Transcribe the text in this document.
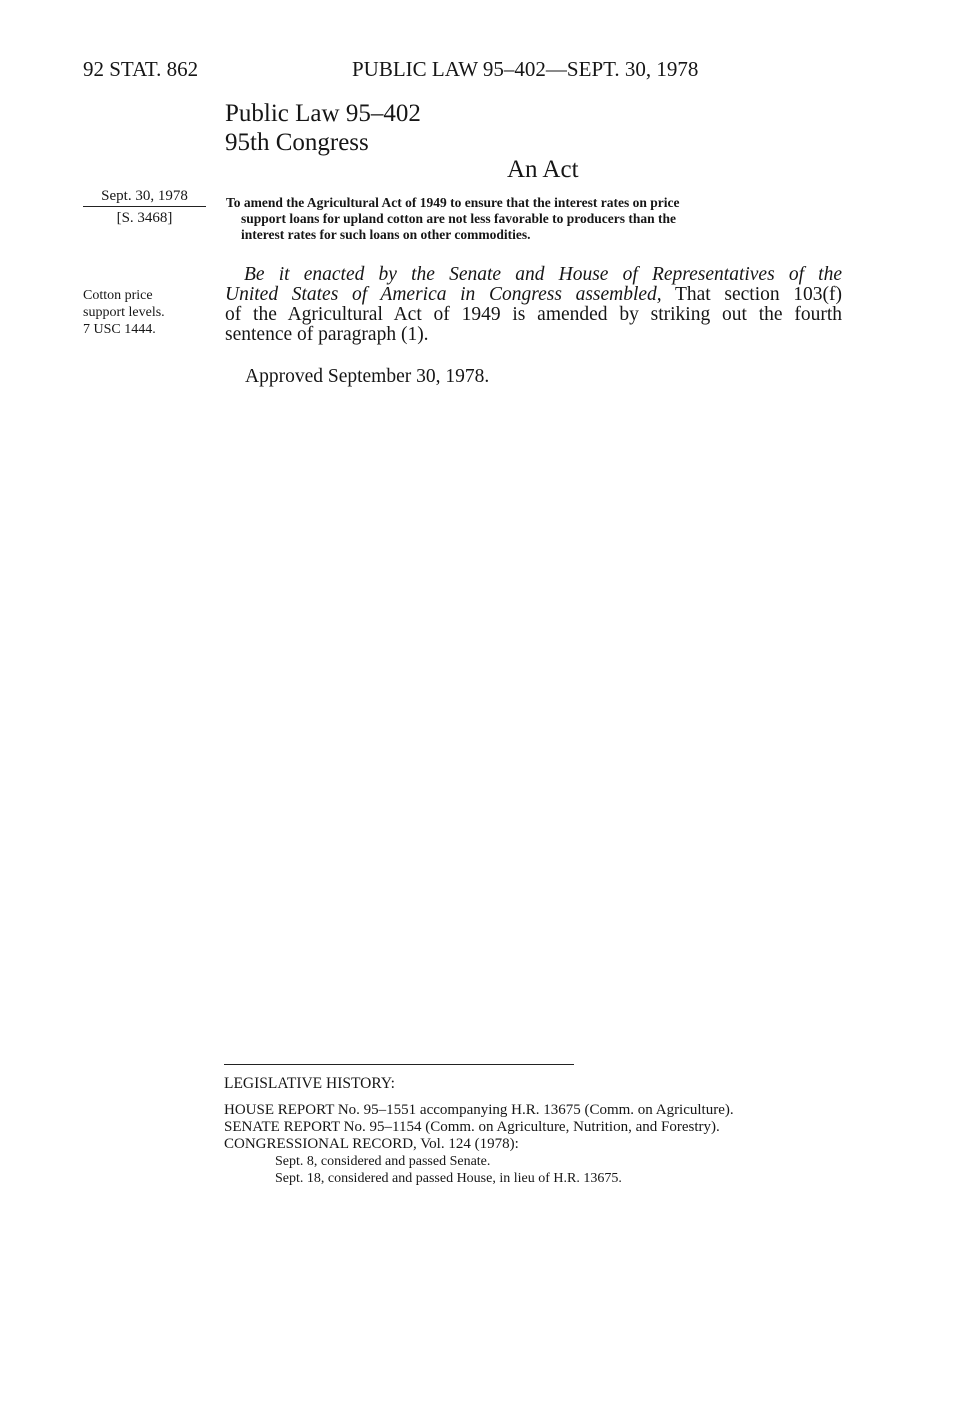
92 STAT. 862	PUBLIC LAW 95–402—SEPT. 30, 1978
Public Law 95–402
95th Congress
An Act
Sept. 30, 1978
[S. 3468]

To amend the Agricultural Act of 1949 to ensure that the interest rates on price

support loans for upland cotton are not less favorable to producers than the

interest rates for such loans on other commodities.

Cotton price
support levels.
7 USC 1444.
Be it enacted by the Senate and House of Representatives of the
United States of America in Congress assembled, That section 103(f)
of the Agricultural Act of 1949 is amended by striking out the fourth
sentence of paragraph (1).
Approved September 30, 1978.
LEGISLATIVE HISTORY:
HOUSE REPORT No. 95–1551 accompanying H.R. 13675 (Comm. on Agriculture).
SENATE REPORT No. 95–1154 (Comm. on Agriculture, Nutrition, and Forestry).
CONGRESSIONAL RECORD, Vol. 124 (1978):
Sept. 8, considered and passed Senate.
Sept. 18, considered and passed House, in lieu of H.R. 13675.
